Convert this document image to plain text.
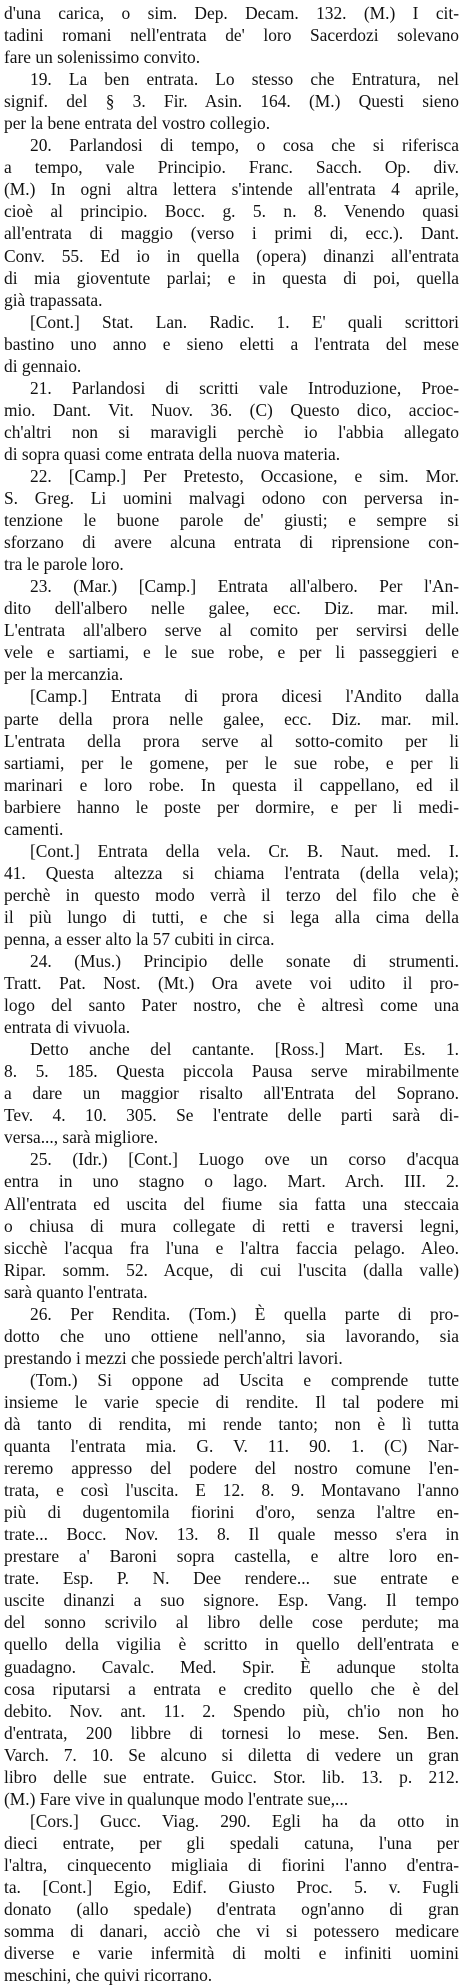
d'una carica, o sim. Dep. Decam. 132. (M.) I cit-
tadini romani nell'entrata de' loro Sacerdozi solevano
fare un solenissimo convito.
19. La ben entrata. Lo stesso che Entratura, nel
signif. del § 3. Fir. Asin. 164. (M.) Questi sieno
per la bene entrata del vostro collegio.
20. Parlandosi di tempo, o cosa che si riferisca
a tempo, vale Principio. Franc. Sacch. Op. div.
(M.) In ogni altra lettera s'intende all'entrata 4 aprile,
cioè al principio. Bocc. g. 5. n. 8. Venendo quasi
all'entrata di maggio (verso i primi di, ecc.). Dant.
Conv. 55. Ed io in quella (opera) dinanzi all'entrata
di mia gioventute parlai; e in questa di poi, quella
già trapassata.
[Cont.] Stat. Lan. Radic. 1. E' quali scrittori
bastino uno anno e sieno eletti a l'entrata del mese
di gennaio.
21. Parlandosi di scritti vale Introduzione, Proe-
mio. Dant. Vit. Nuov. 36. (C) Questo dico, accioc-
ch'altri non si maravigli perchè io l'abbia allegato
di sopra quasi come entrata della nuova materia.
22. [Camp.] Per Pretesto, Occasione, e sim. Mor.
S. Greg. Li uomini malvagi odono con perversa in-
tenzione le buone parole de' giusti; e sempre si
sforzano di avere alcuna entrata di riprensione con-
tra le parole loro.
23. (Mar.) [Camp.] Entrata all'albero. Per l'An-
dito dell'albero nelle galee, ecc. Diz. mar. mil.
L'entrata all'albero serve al comito per servirsi delle
vele e sartiami, e le sue robe, e per li passeggieri e
per la mercanzia.
[Camp.] Entrata di prora dicesi l'Andito dalla
parte della prora nelle galee, ecc. Diz. mar. mil.
L'entrata della prora serve al sotto-comito per li
sartiami, per le gomene, per le sue robe, e per li
marinari e loro robe. In questa il cappellano, ed il
barbiere hanno le poste per dormire, e per li medi-
camenti.
[Cont.] Entrata della vela. Cr. B. Naut. med. I.
41. Questa altezza si chiama l'entrata (della vela);
perchè in questo modo verrà il terzo del filo che è
il più lungo di tutti, e che si lega alla cima della
penna, a esser alto la 57 cubiti in circa.
24. (Mus.) Principio delle sonate di strumenti.
Tratt. Pat. Nost. (Mt.) Ora avete voi udito il pro-
logo del santo Pater nostro, che è altresì come una
entrata di vivuola.
Detto anche del cantante. [Ross.] Mart. Es. 1.
8. 5. 185. Questa piccola Pausa serve mirabilmente
a dare un maggior risalto all'Entrata del Soprano.
Tev. 4. 10. 305. Se l'entrate delle parti sarà di-
versa..., sarà migliore.
25. (Idr.) [Cont.] Luogo ove un corso d'acqua
entra in uno stagno o lago. Mart. Arch. III. 2.
All'entrata ed uscita del fiume sia fatta una steccaia
o chiusa di mura collegate di retti e traversi legni,
sicchè l'acqua fra l'una e l'altra faccia pelago. Aleo.
Ripar. somm. 52. Acque, di cui l'uscita (dalla valle)
sarà quanto l'entrata.
26. Per Rendita. (Tom.) È quella parte di pro-
dotto che uno ottiene nell'anno, sia lavorando, sia
prestando i mezzi che possiede perch'altri lavori.
(Tom.) Si oppone ad Uscita e comprende tutte
insieme le varie specie di rendite. Il tal podere mi
dà tanto di rendita, mi rende tanto; non è lì tutta
quanta l'entrata mia. G. V. 11. 90. 1. (C) Nar-
reremo appresso del podere del nostro comune l'en-
trata, e così l'uscita. E 12. 8. 9. Montavano l'anno
più di dugentomila fiorini d'oro, senza l'altre en-
trate... Bocc. Nov. 13. 8. Il quale messo s'era in
prestare a' Baroni sopra castella, e altre loro en-
trate. Esp. P. N. Dee rendere... sue entrate e
uscite dinanzi a suo signore. Esp. Vang. Il tempo
del sonno scrivilo al libro delle cose perdute; ma
quello della vigilia è scritto in quello dell'entrata e
guadagno. Cavalc. Med. Spir. È adunque stolta
cosa riputarsi a entrata e credito quello che è del
debito. Nov. ant. 11. 2. Spendo più, ch'io non ho
d'entrata, 200 libbre di tornesi lo mese. Sen. Ben.
Varch. 7. 10. Se alcuno si diletta di vedere un gran
libro delle sue entrate. Guicc. Stor. lib. 13. p. 212.
(M.) Fare vive in qualunque modo l'entrate sue,...
[Cors.] Gucc. Viag. 290. Egli ha da otto in
dieci entrate, per gli spedali catuna, l'una per
l'altra, cinquecento migliaia di fiorini l'anno d'entra-
ta. [Cont.] Egio, Edif. Giusto Proc. 5. v. Fugli
donato (allo spedale) d'entrata ogn'anno di gran
somma di danari, acciò che vi si potessero medicare
diverse e varie infermità di molti e infiniti uomini
meschini, che quivi ricorrano.
